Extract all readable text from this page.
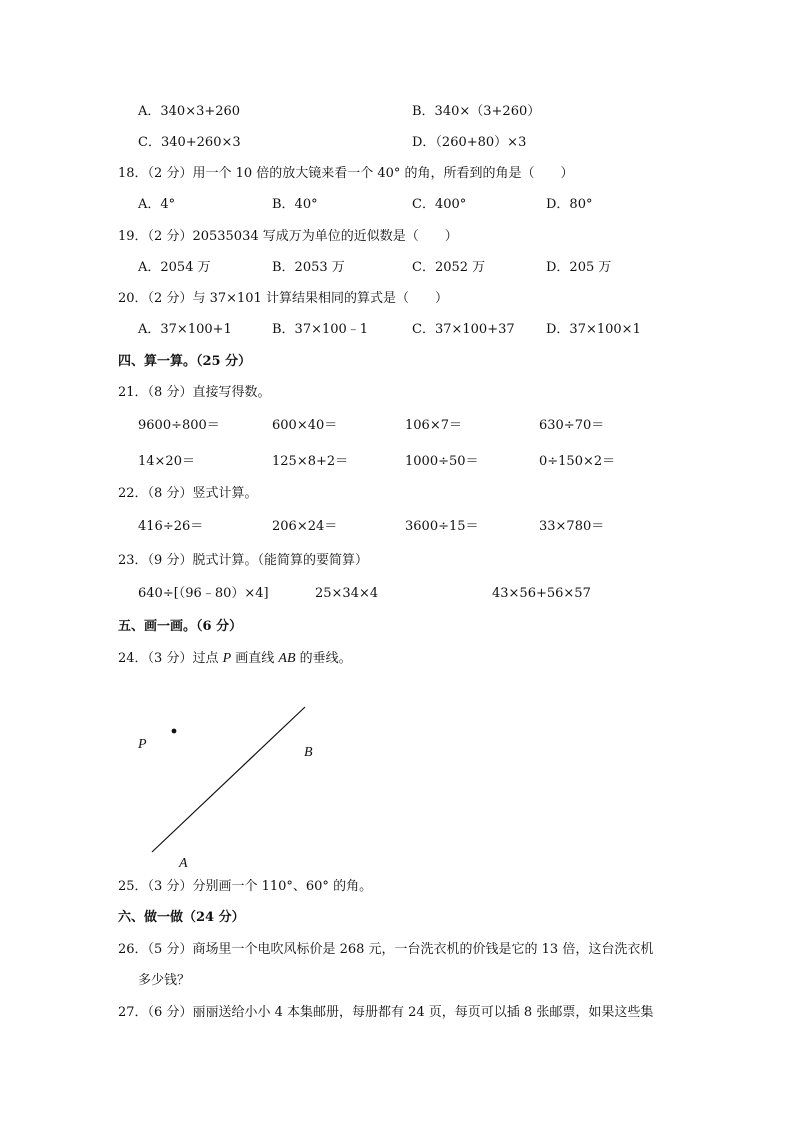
A．340×3+260	B．340×（3+260）
C．340+260×3	D．（260+80）×3
18．（2 分）用一个 10 倍的放大镜来看一个 40° 的角，所看到的角是（　　）
A．4°	B．40°	C．400°	D．80°
19．（2 分）20535034 写成万为单位的近似数是（　　）
A．2054 万	B．2053 万	C．2052 万	D．205 万
20．（2 分）与 37×101 计算结果相同的算式是（　　）
A．37×100+1	B．37×100﹣1	C．37×100+37 D．37×100×1
四、算一算。（25 分）
21．（8 分）直接写得数。
9600÷800＝	600×40＝	106×7＝	630÷70＝
14×20＝	125×8+2＝	1000÷50＝	0÷150×2＝
22．（8 分）竖式计算。
416÷26＝	206×24＝	3600÷15＝	33×780＝
23．（9 分）脱式计算。（能简算的要简算）
640÷[（96﹣80）×4]	25×34×4	43×56+56×57
五、画一画。（6 分）
24．（3 分）过点 P 画直线 AB 的垂线。
P
B
A
25．（3 分）分别画一个 110°、60° 的角。
六、做一做（24 分）
26．（5 分）商场里一个电吹风标价是 268 元，一台洗衣机的价钱是它的 13 倍，这台洗衣机
多少钱？
27．（6 分）丽丽送给小小 4 本集邮册，每册都有 24 页，每页可以插 8 张邮票，如果这些集
